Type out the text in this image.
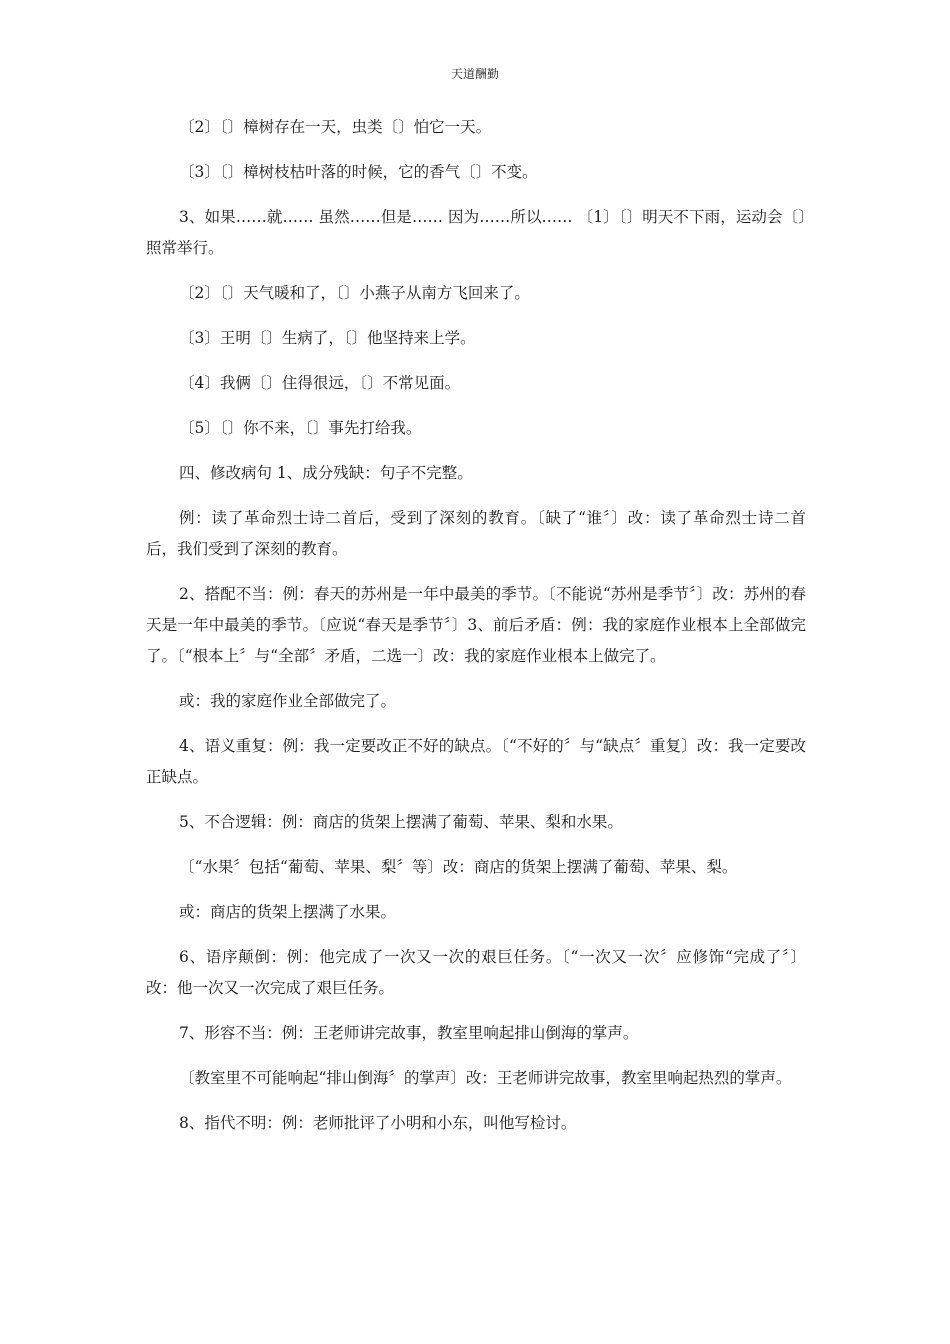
天道酬勤

〔2〕〔〕樟树存在一天，虫类〔〕怕它一天。

〔3〕〔〕樟树枝枯叶落的时候，它的香气〔〕不变。

3、如果……就…… 虽然……但是…… 因为……所以…… 〔1〕〔〕明天不下雨，运动会〔〕照常举行。

〔2〕〔〕天气暖和了，〔〕小燕子从南方飞回来了。

〔3〕王明〔〕生病了，〔〕他坚持来上学。

〔4〕我俩〔〕住得很远，〔〕不常见面。

〔5〕〔〕你不来，〔〕事先打给我。

四、修改病句 1、成分残缺：句子不完整。

例：读了革命烈士诗二首后，受到了深刻的教育。〔缺了“谁〞〕改：读了革命烈士诗二首后，我们受到了深刻的教育。

2、搭配不当：例：春天的苏州是一年中最美的季节。〔不能说“苏州是季节〞〕改：苏州的春天是一年中最美的季节。〔应说“春天是季节〞〕3、前后矛盾：例：我的家庭作业根本上全部做完了。〔“根本上〞与“全部〞矛盾，二选一〕改：我的家庭作业根本上做完了。

或：我的家庭作业全部做完了。

4、语义重复：例：我一定要改正不好的缺点。〔“不好的〞与“缺点〞重复〕改：我一定要改正缺点。

5、不合逻辑：例：商店的货架上摆满了葡萄、苹果、梨和水果。

〔“水果〞包括“葡萄、苹果、梨〞等〕改：商店的货架上摆满了葡萄、苹果、梨。

或：商店的货架上摆满了水果。

6、语序颠倒：例：他完成了一次又一次的艰巨任务。〔“一次又一次〞应修饰“完成了〞〕改：他一次又一次完成了艰巨任务。

7、形容不当：例：王老师讲完故事，教室里响起排山倒海的掌声。

〔教室里不可能响起“排山倒海〞的掌声〕改：王老师讲完故事，教室里响起热烈的掌声。

8、指代不明：例：老师批评了小明和小东，叫他写检讨。
